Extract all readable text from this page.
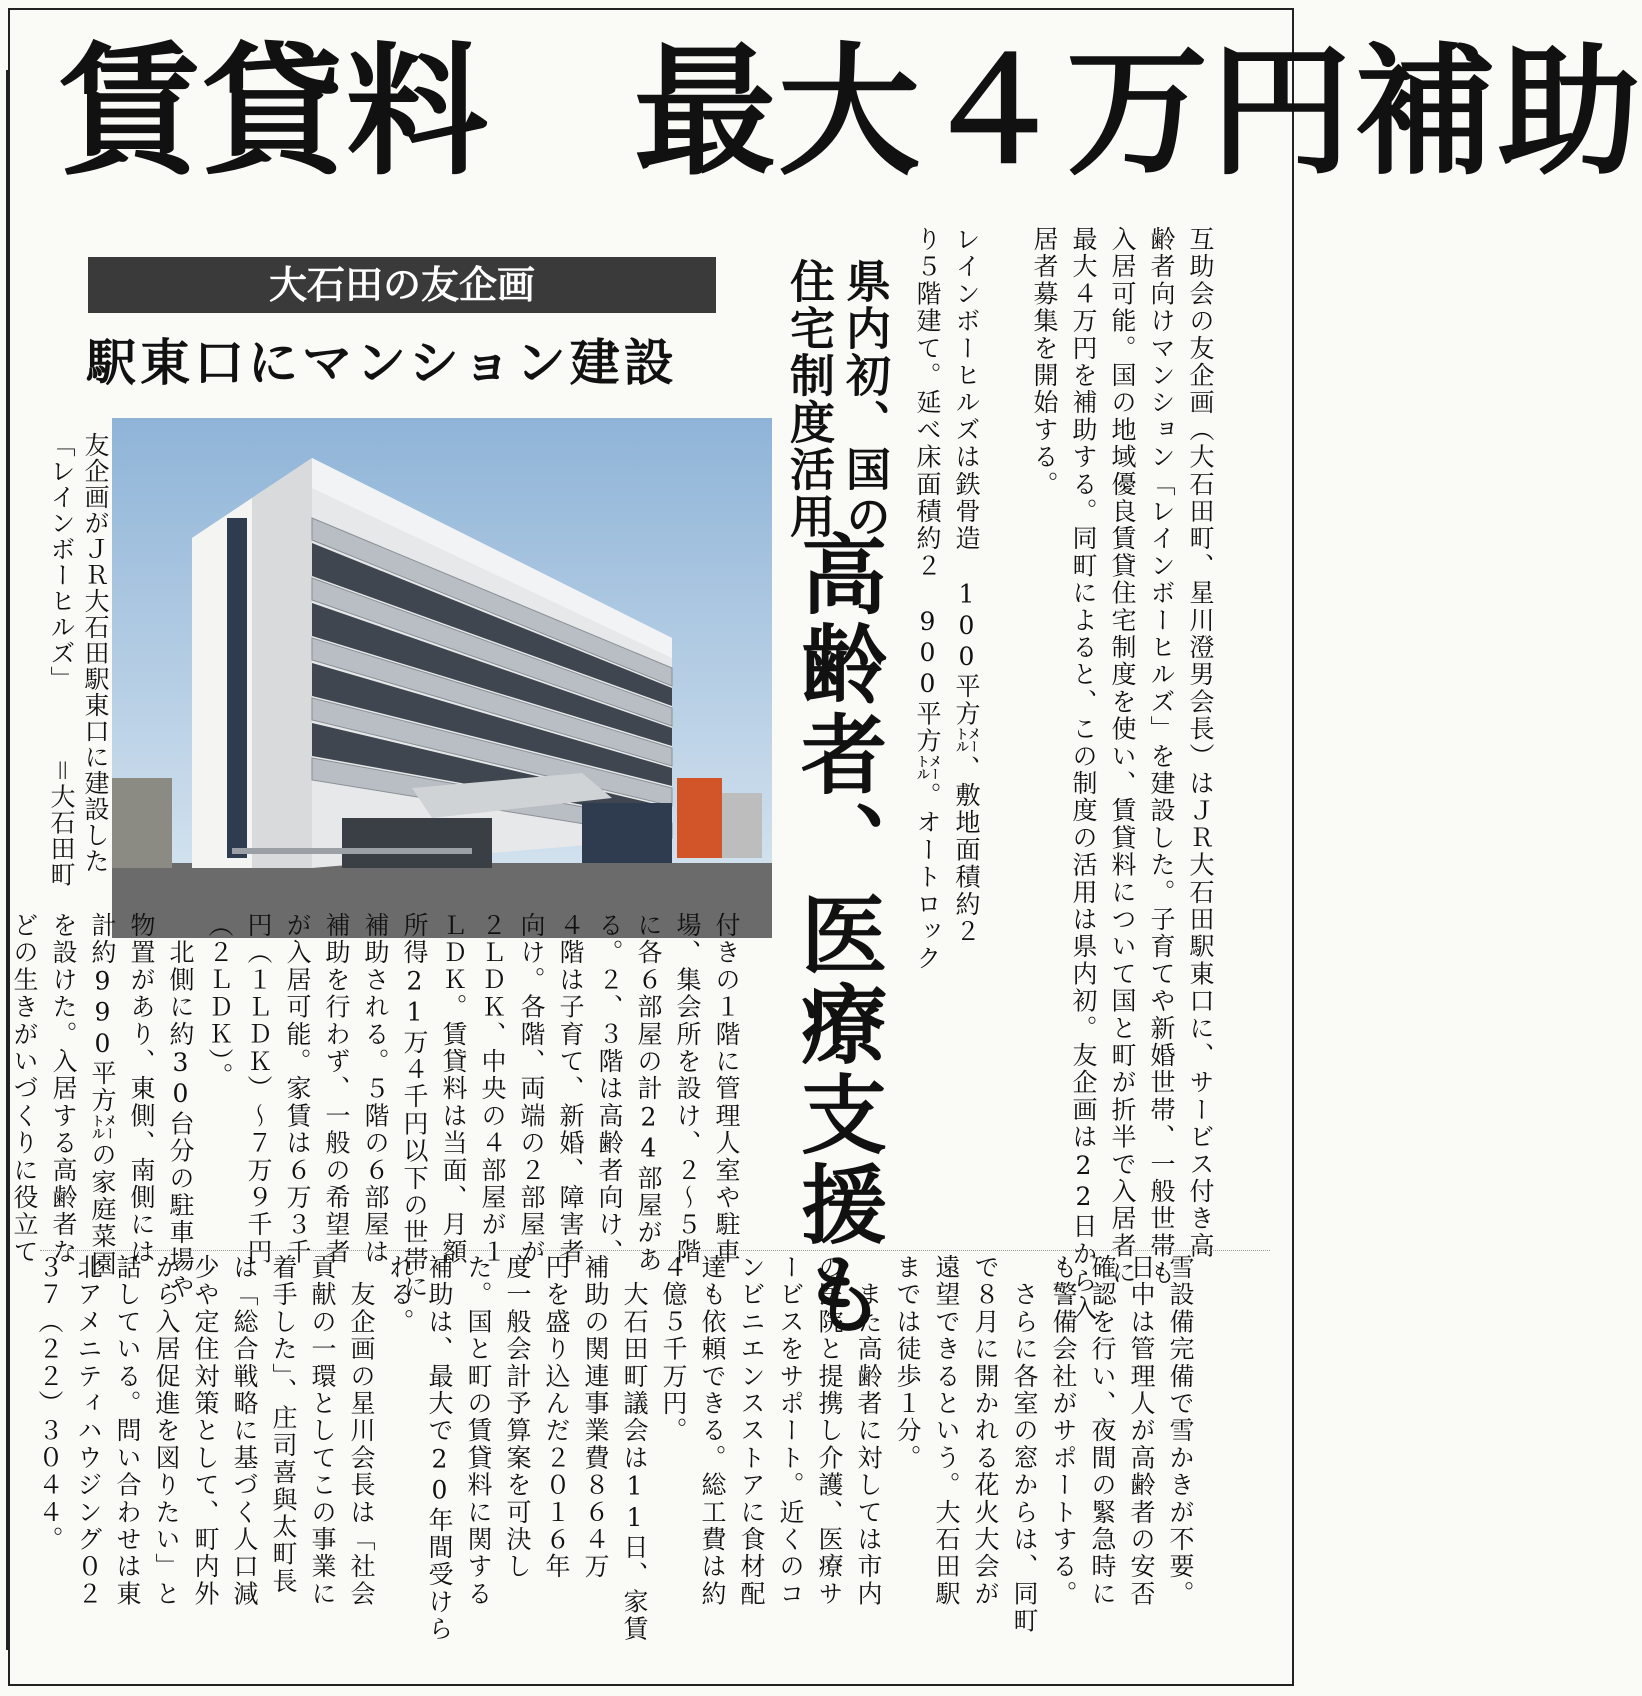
賃貸料　最大４万円補助
大石田の友企画
駅東口にマンション建設	互助会の友企画（大石田町、星川澄男会長）はＪＲ大石田駅東口に、サービス付き高
齢者向けマンション「レインボーヒルズ」を建設した。子育てや新婚世帯、一般世帯も
入居可能。国の地域優良賃貸住宅制度を使い、賃貸料について国と町が折半で入居者に
最大４万円を補助する。同町によると、この制度の活用は県内初。友企画は22日から入
居者募集を開始する。

レインボーヒルズは鉄骨造　100平方㍍、敷地面積約２
り５階建て。延べ床面積約２　900平方㍍。オートロック
県内初、国の
住宅制度活用
高齢者、医療支援も
友企画がＪＲ大石田駅東口に建設した
「レインボーヒルズ」　　　＝大石田町
付きの１階に管理人室や駐車
場、集会所を設け、２〜５階
に各６部屋の計24部屋があ
る。２、３階は高齢者向け、
４階は子育て、新婚、障害者
向け。各階、両端の２部屋が
２ＬＤＫ、中央の４部屋が１
ＬＤＫ。賃貸料は当面、月額
所得21万４千円以下の世帯に
補助される。５階の６部屋は
補助を行わず、一般の希望者
が入居可能。家賃は６万３千
円（１ＬＤＫ）〜７万９千円
（２ＬＤＫ）。
　北側に約30台分の駐車場や
物置があり、東側、南側には
計約990平方㍍の家庭菜園
を設けた。入居する高齢者な
どの生きがいづくりに役立て

雪設備完備で雪かきが不要。
日中は管理人が高齢者の安否
確認を行い、夜間の緊急時に
も警備会社がサポートする。
　さらに各室の窓からは、同町
で８月に開かれる花火大会が
遠望できるという。大石田駅
までは徒歩１分。
　また高齢者に対しては市内
の医院と提携し介護、医療サ
ービスをサポート。近くのコ
ンビニエンスストアに食材配
達も依頼できる。総工費は約
４億５千万円。
　大石田町議会は11日、家賃
補助の関連事業費８６４万
円を盛り込んだ２０１６年
度一般会計予算案を可決し
た。国と町の賃貸料に関する
補助は、最大で20年間受けら
れる。
　友企画の星川会長は「社会
貢献の一環としてこの事業に
着手した」、庄司喜與太町長
は「総合戦略に基づく人口減
少や定住対策として、町内外
から入居促進を図りたい」と
話している。問い合わせは東
北アメニティハウジング０２
３７（２２）３０４４。
